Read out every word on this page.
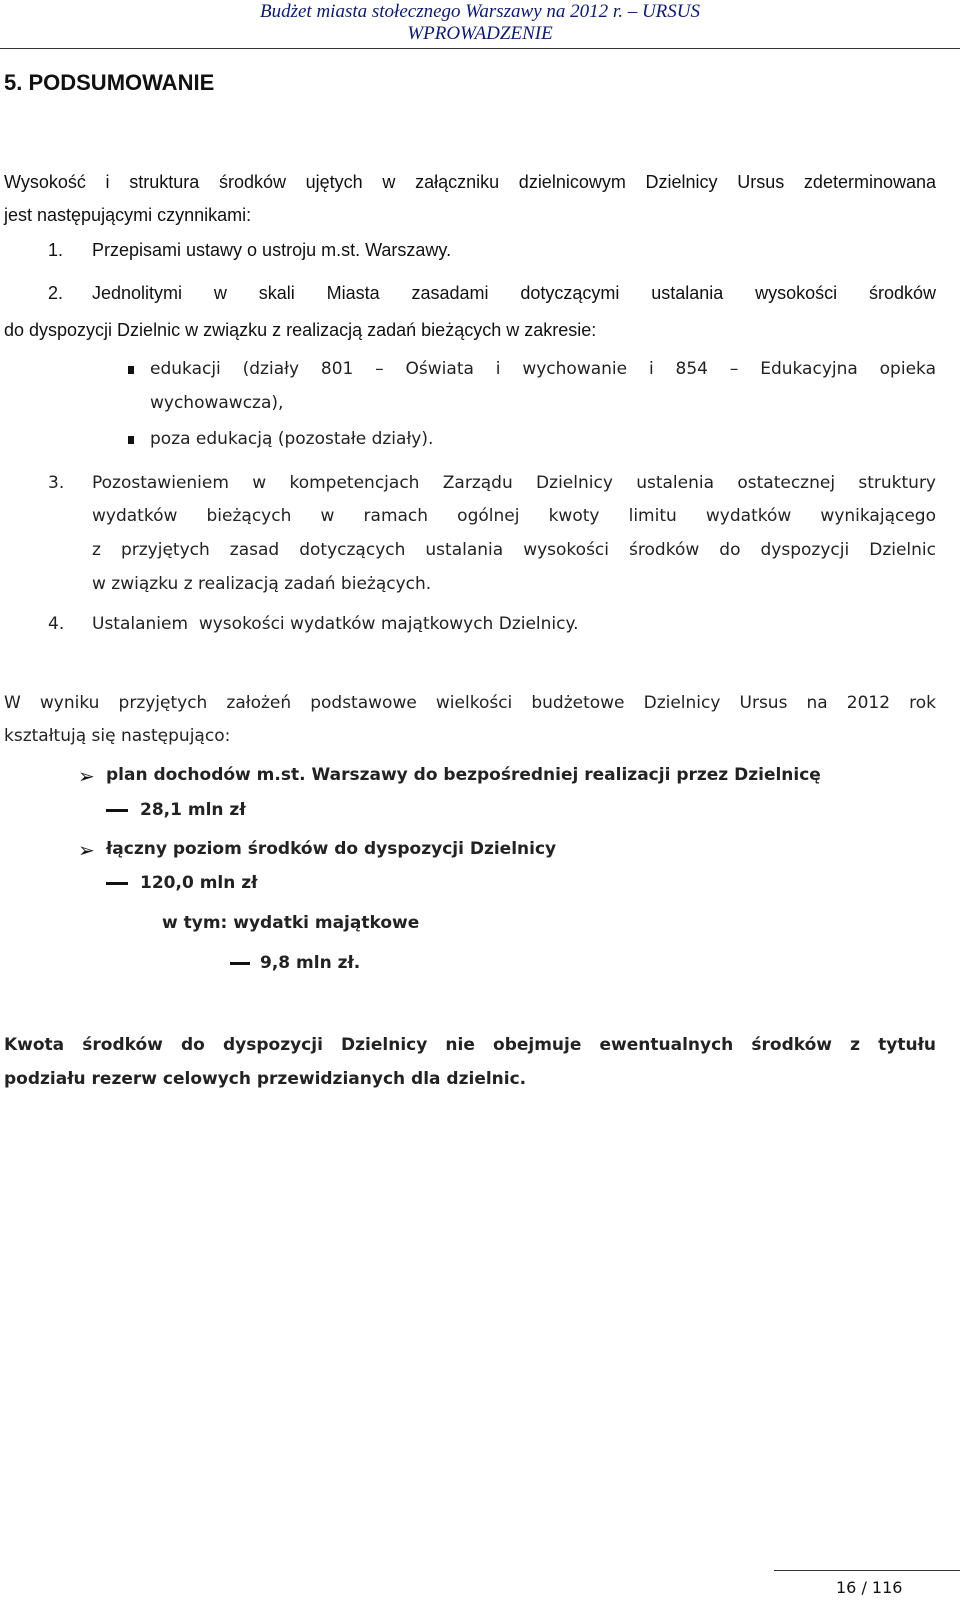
Budżet miasta stołecznego Warszawy na 2012 r. – URSUS
WPROWADZENIE
5. PODSUMOWANIE
Wysokość i struktura środków ujętych w załączniku dzielnicowym Dzielnicy Ursus zdeterminowana
jest następującymi czynnikami:
1. Przepisami ustawy o ustroju m.st. Warszawy.
2. Jednolitymi w skali Miasta zasadami dotyczącymi ustalania wysokości środków
do dyspozycji Dzielnic w związku z realizacją zadań bieżących w zakresie:
edukacji (działy 801 – Oświata i wychowanie i 854 – Edukacyjna opieka
wychowawcza),
poza edukacją (pozostałe działy).
3. Pozostawieniem w kompetencjach Zarządu Dzielnicy ustalenia ostatecznej struktury
wydatków bieżących w ramach ogólnej kwoty limitu wydatków wynikającego
z przyjętych zasad dotyczących ustalania wysokości środków do dyspozycji Dzielnic
w związku z realizacją zadań bieżących.
4. Ustalaniem  wysokości wydatków majątkowych Dzielnicy.
W wyniku przyjętych założeń podstawowe wielkości budżetowe Dzielnicy Ursus na 2012 rok
kształtują się następująco:
➢ plan dochodów m.st. Warszawy do bezpośredniej realizacji przez Dzielnicę
28,1 mln zł
➢ łączny poziom środków do dyspozycji Dzielnicy
120,0 mln zł
w tym: wydatki majątkowe
9,8 mln zł.
Kwota środków do dyspozycji Dzielnicy nie obejmuje ewentualnych środków z tytułu
podziału rezerw celowych przewidzianych dla dzielnic.
16 / 116
